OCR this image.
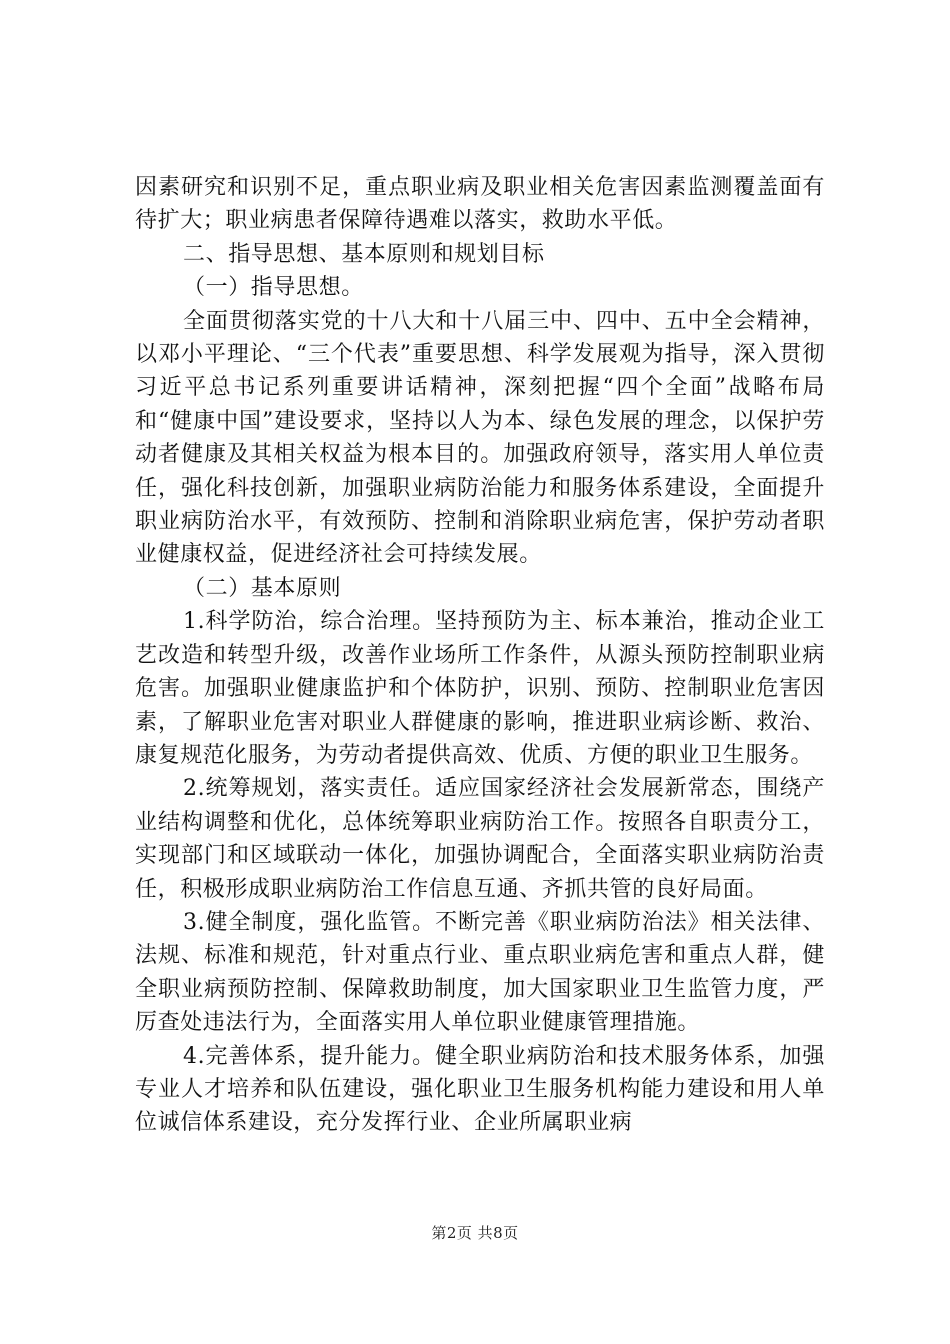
因素研究和识别不足，重点职业病及职业相关危害因素监测覆盖面有待扩大；职业病患者保障待遇难以落实，救助水平低。

二、指导思想、基本原则和规划目标

（一）指导思想。

全面贯彻落实党的十八大和十八届三中、四中、五中全会精神，以邓小平理论、“三个代表”重要思想、科学发展观为指导，深入贯彻习近平总书记系列重要讲话精神，深刻把握“四个全面”战略布局和“健康中国”建设要求，坚持以人为本、绿色发展的理念，以保护劳动者健康及其相关权益为根本目的。加强政府领导，落实用人单位责任，强化科技创新，加强职业病防治能力和服务体系建设，全面提升职业病防治水平，有效预防、控制和消除职业病危害，保护劳动者职业健康权益，促进经济社会可持续发展。

（二）基本原则

1.科学防治，综合治理。坚持预防为主、标本兼治，推动企业工艺改造和转型升级，改善作业场所工作条件，从源头预防控制职业病危害。加强职业健康监护和个体防护，识别、预防、控制职业危害因素，了解职业危害对职业人群健康的影响，推进职业病诊断、救治、康复规范化服务，为劳动者提供高效、优质、方便的职业卫生服务。

2.统筹规划，落实责任。适应国家经济社会发展新常态，围绕产业结构调整和优化，总体统筹职业病防治工作。按照各自职责分工，实现部门和区域联动一体化，加强协调配合，全面落实职业病防治责任，积极形成职业病防治工作信息互通、齐抓共管的良好局面。

3.健全制度，强化监管。不断完善《职业病防治法》相关法律、法规、标准和规范，针对重点行业、重点职业病危害和重点人群，健全职业病预防控制、保障救助制度，加大国家职业卫生监管力度，严厉查处违法行为，全面落实用人单位职业健康管理措施。

4.完善体系，提升能力。健全职业病防治和技术服务体系，加强专业人才培养和队伍建设，强化职业卫生服务机构能力建设和用人单位诚信体系建设，充分发挥行业、企业所属职业病

第2页 共8页
